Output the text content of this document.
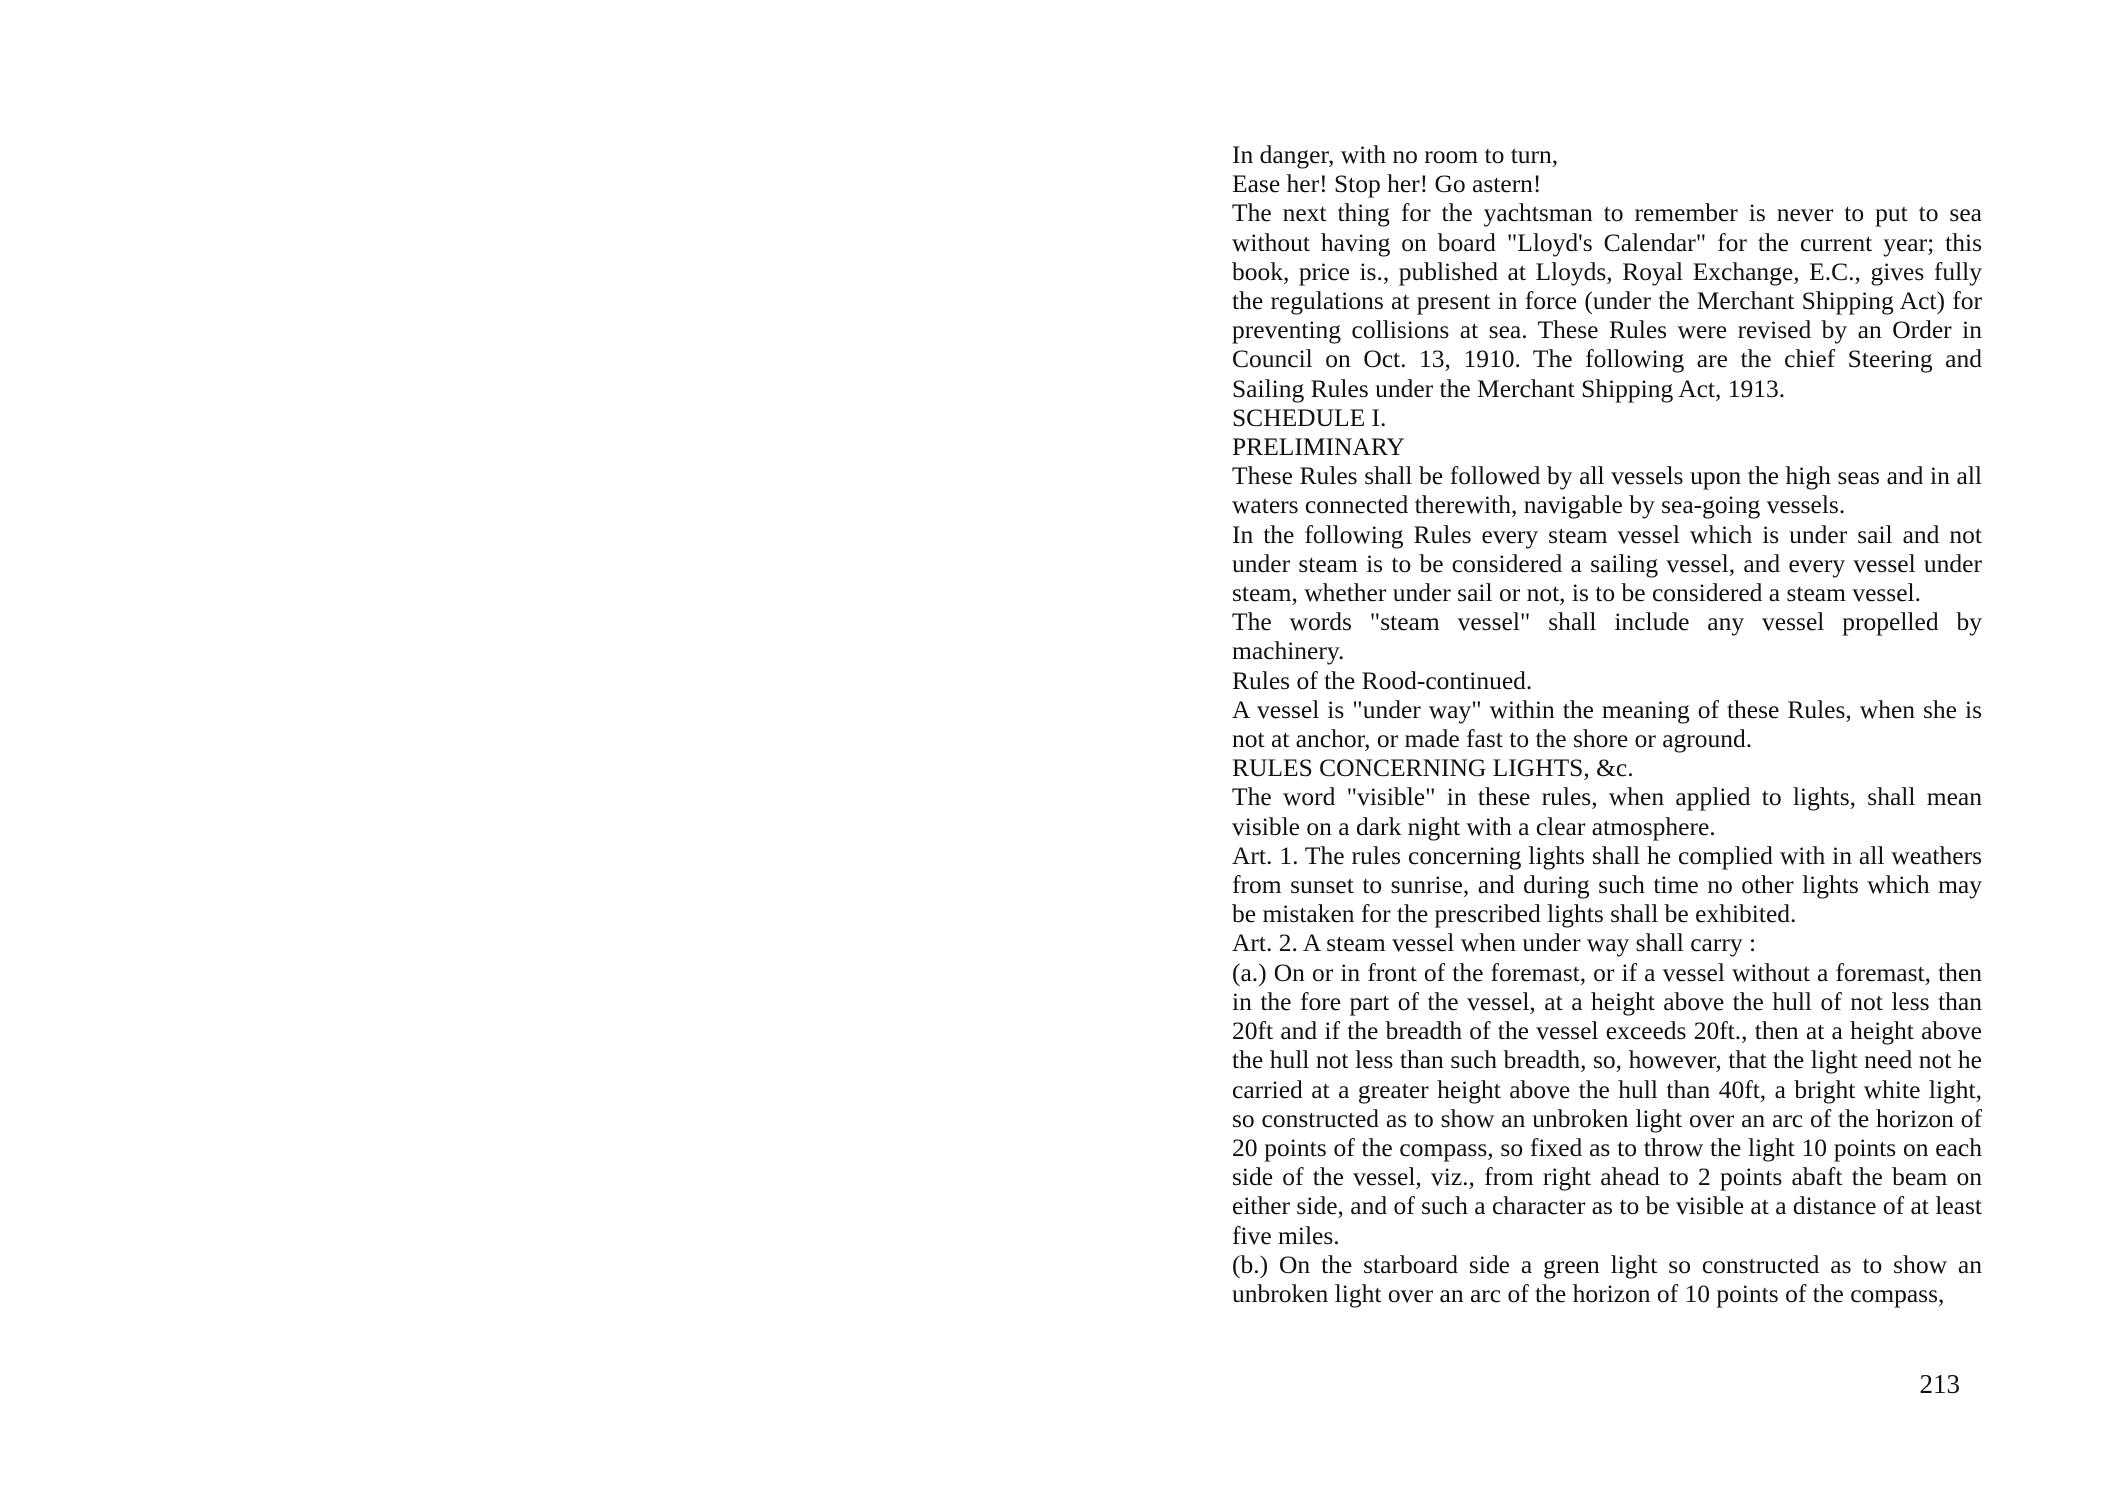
In danger, with no room to turn,

Ease her! Stop her! Go astern!

The next thing for the yachtsman to remember is never to put to sea without having on board "Lloyd's Calendar" for the current year; this book, price is., published at Lloyds, Royal Exchange, E.C., gives fully the regulations at present in force (under the Merchant Shipping Act) for preventing collisions at sea. These Rules were revised by an Order in Council on Oct. 13, 1910. The following are the chief Steering and Sailing Rules under the Merchant Shipping Act, 1913.

SCHEDULE I.

PRELIMINARY

These Rules shall be followed by all vessels upon the high seas and in all waters connected therewith, navigable by sea-going vessels.

In the following Rules every steam vessel which is under sail and not under steam is to be considered a sailing vessel, and every vessel under steam, whether under sail or not, is to be considered a steam vessel.

The words "steam vessel" shall include any vessel propelled by machinery.

Rules of the Rood-continued.

A vessel is "under way" within the meaning of these Rules, when she is not at anchor, or made fast to the shore or aground.

RULES CONCERNING LIGHTS, &c.

The word "visible" in these rules, when applied to lights, shall mean visible on a dark night with a clear atmosphere.

Art. 1. The rules concerning lights shall he complied with in all weathers from sunset to sunrise, and during such time no other lights which may be mistaken for the prescribed lights shall be exhibited.

Art. 2. A steam vessel when under way shall carry :

(a.) On or in front of the foremast, or if a vessel without a foremast, then in the fore part of the vessel, at a height above the hull of not less than 20ft and if the breadth of the vessel exceeds 20ft., then at a height above the hull not less than such breadth, so, however, that the light need not he carried at a greater height above the hull than 40ft, a bright white light, so constructed as to show an unbroken light over an arc of the horizon of 20 points of the compass, so fixed as to throw the light 10 points on each side of the vessel, viz., from right ahead to 2 points abaft the beam on either side, and of such a character as to be visible at a distance of at least five miles.

(b.) On the starboard side a green light so constructed as to show an unbroken light over an arc of the horizon of 10 points of the compass,

213
